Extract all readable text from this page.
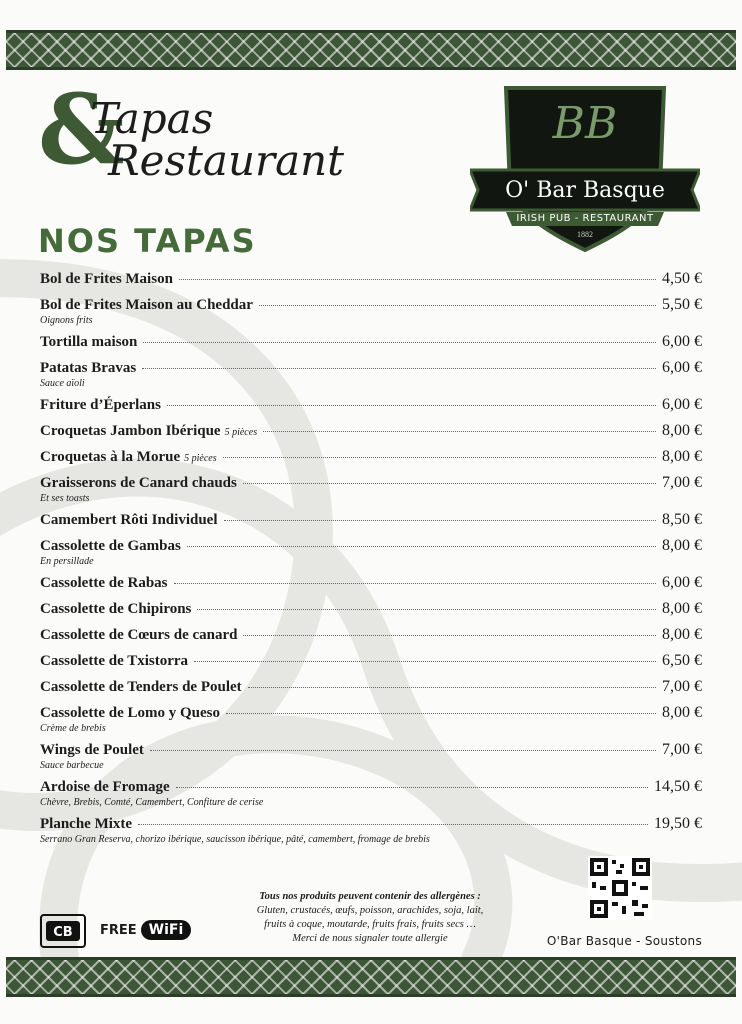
&
Tapas
Restaurant
BB
O' Bar Basque
IRISH PUB - RESTAURANT
1882
NOS TAPAS
Bol de Frites Maison	4,50 €
Bol de Frites Maison au Cheddar	5,50 €
Oignons frits
Tortilla maison	6,00 €
Patatas Bravas	6,00 €
Sauce aïoli
Friture d’Éperlans	6,00 €
Croquetas Jambon Ibérique 5 pièces	8,00 €
Croquetas à la Morue 5 pièces	8,00 €
Graisserons de Canard chauds	7,00 €
Et ses toasts
Camembert Rôti Individuel	8,50 €
Cassolette de Gambas	8,00 €
En persillade
Cassolette de Rabas	6,00 €
Cassolette de Chipirons	8,00 €
Cassolette de Cœurs de canard	8,00 €
Cassolette de Txistorra	6,50 €
Cassolette de Tenders de Poulet	7,00 €
Cassolette de Lomo y Queso	8,00 €
Crème de brebis
Wings de Poulet	7,00 €
Sauce barbecue
Ardoise de Fromage	14,50 €
Chèvre, Brebis, Comté, Camembert, Confiture de cerise
Planche Mixte	19,50 €
Serrano Gran Reserva, chorizo ibérique, saucisson ibérique, pâté, camembert, fromage de brebis
CB FREE WiFi
Tous nos produits peuvent contenir des allergènes :
Gluten, crustacés, œufs, poisson, arachides, soja, lait,
fruits à coque, moutarde, fruits frais, fruits secs …
Merci de nous signaler toute allergie	O'Bar Basque - Soustons
